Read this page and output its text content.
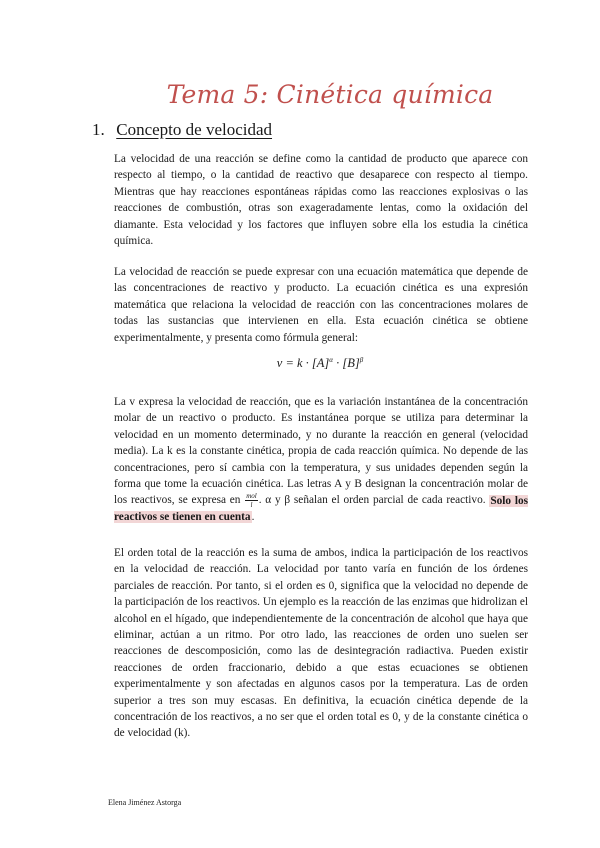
Tema 5: Cinética química
1. Concepto de velocidad

La velocidad de una reacción se define como la cantidad de producto que aparece con respecto al tiempo, o la cantidad de reactivo que desaparece con respecto al tiempo. Mientras que hay reacciones espontáneas rápidas como las reacciones explosivas o las reacciones de combustión, otras son exageradamente lentas, como la oxidación del diamante. Esta velocidad y los factores que influyen sobre ella los estudia la cinética química.

La velocidad de reacción se puede expresar con una ecuación matemática que depende de las concentraciones de reactivo y producto. La ecuación cinética es una expresión matemática que relaciona la velocidad de reacción con las concentraciones molares de todas las sustancias que intervienen en ella. Esta ecuación cinética se obtiene experimentalmente, y presenta como fórmula general:

$v = k \cdot [A]^\alpha \cdot [B]^\beta$

La v expresa la velocidad de reacción, que es la variación instantánea de la concentración molar de un reactivo o producto. Es instantánea porque se utiliza para determinar la velocidad en un momento determinado, y no durante la reacción en general (velocidad media). La k es la constante cinética, propia de cada reacción química. No depende de las concentraciones, pero sí cambia con la temperatura, y sus unidades dependen según la forma que tome la ecuación cinética. Las letras A y B designan la concentración molar de los reactivos, se expresa en $\frac{\text{mol}}{l}$ . α y β señalan el orden parcial de cada reactivo. Solo los reactivos se tienen en cuenta.

El orden total de la reacción es la suma de ambos, indica la participación de los reactivos en la velocidad de reacción. La velocidad por tanto varía en función de los órdenes parciales de reacción. Por tanto, si el orden es 0, significa que la velocidad no depende de la participación de los reactivos. Un ejemplo es la reacción de las enzimas que hidrolizan el alcohol en el hígado, que independientemente de la concentración de alcohol que haya que eliminar, actúan a un ritmo. Por otro lado, las reacciones de orden uno suelen ser reacciones de descomposición, como las de desintegración radiactiva. Pueden existir reacciones de orden fraccionario, debido a que estas ecuaciones se obtienen experimentalmente y son afectadas en algunos casos por la temperatura. Las de orden superior a tres son muy escasas. En definitiva, la ecuación cinética depende de la concentración de los reactivos, a no ser que el orden total es 0, y de la constante cinética o de velocidad (k).

Elena Jiménez Astorga
